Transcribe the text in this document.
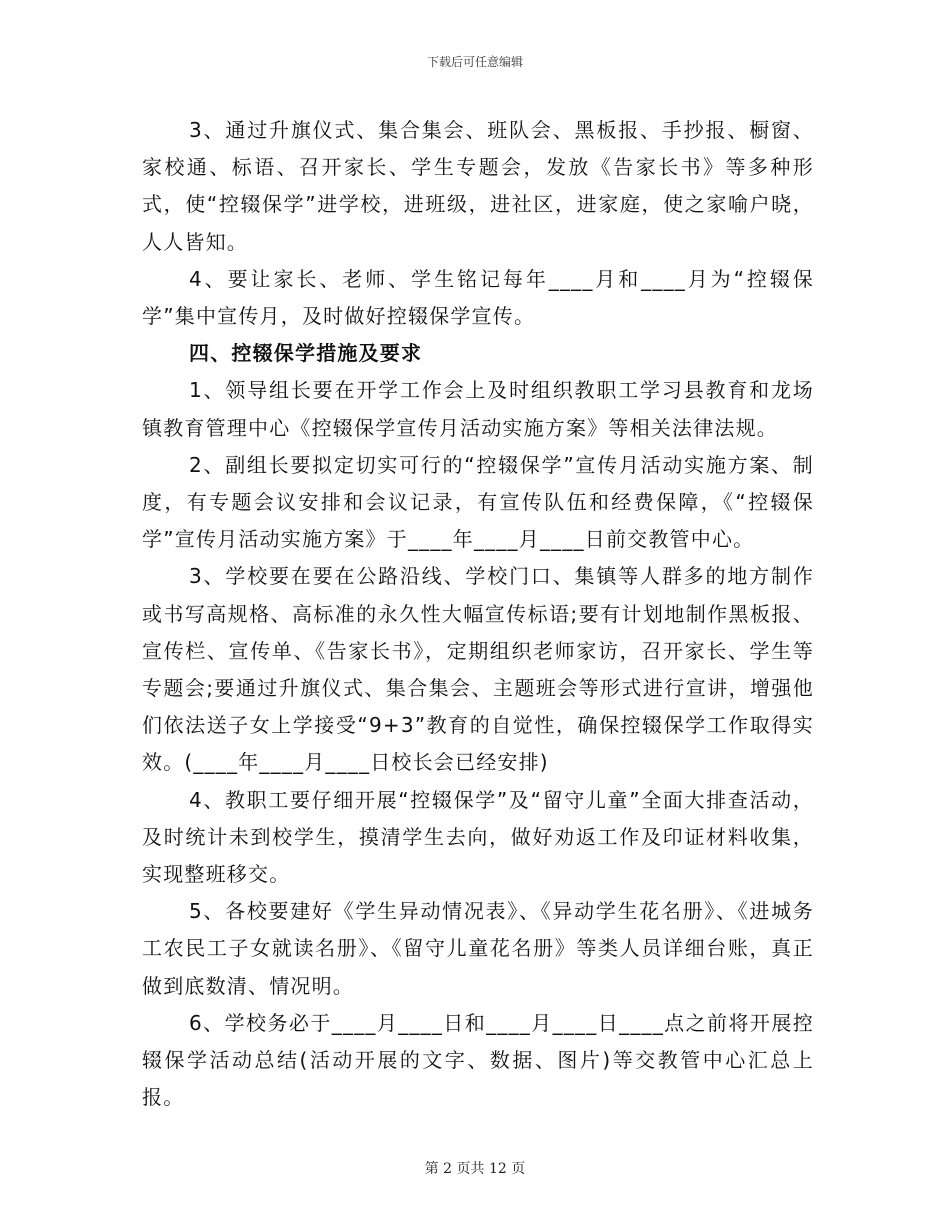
下载后可任意编辑

3、通过升旗仪式、集合集会、班队会、黑板报、手抄报、橱窗、家校通、标语、召开家长、学生专题会，发放《告家长书》等多种形式，使“控辍保学”进学校，进班级，进社区，进家庭，使之家喻户晓，人人皆知。

4、要让家长、老师、学生铭记每年____月和____月为“控辍保学”集中宣传月，及时做好控辍保学宣传。

四、控辍保学措施及要求

1、领导组长要在开学工作会上及时组织教职工学习县教育和龙场镇教育管理中心《控辍保学宣传月活动实施方案》等相关法律法规。

2、副组长要拟定切实可行的“控辍保学”宣传月活动实施方案、制度，有专题会议安排和会议记录，有宣传队伍和经费保障，《“控辍保学”宣传月活动实施方案》于____年____月____日前交教管中心。

3、学校要在要在公路沿线、学校门口、集镇等人群多的地方制作或书写高规格、高标准的永久性大幅宣传标语;要有计划地制作黑板报、宣传栏、宣传单、《告家长书》，定期组织老师家访，召开家长、学生等专题会;要通过升旗仪式、集合集会、主题班会等形式进行宣讲，增强他们依法送子女上学接受“9+3”教育的自觉性，确保控辍保学工作取得实效。(____年____月____日校长会已经安排)

4、教职工要仔细开展“控辍保学”及“留守儿童”全面大排查活动，及时统计未到校学生，摸清学生去向，做好劝返工作及印证材料收集，实现整班移交。

5、各校要建好《学生异动情况表》、《异动学生花名册》、《进城务工农民工子女就读名册》、《留守儿童花名册》等类人员详细台账，真正做到底数清、情况明。

6、学校务必于____月____日和____月____日____点之前将开展控辍保学活动总结(活动开展的文字、数据、图片)等交教管中心汇总上报。

第 2 页共 12 页
